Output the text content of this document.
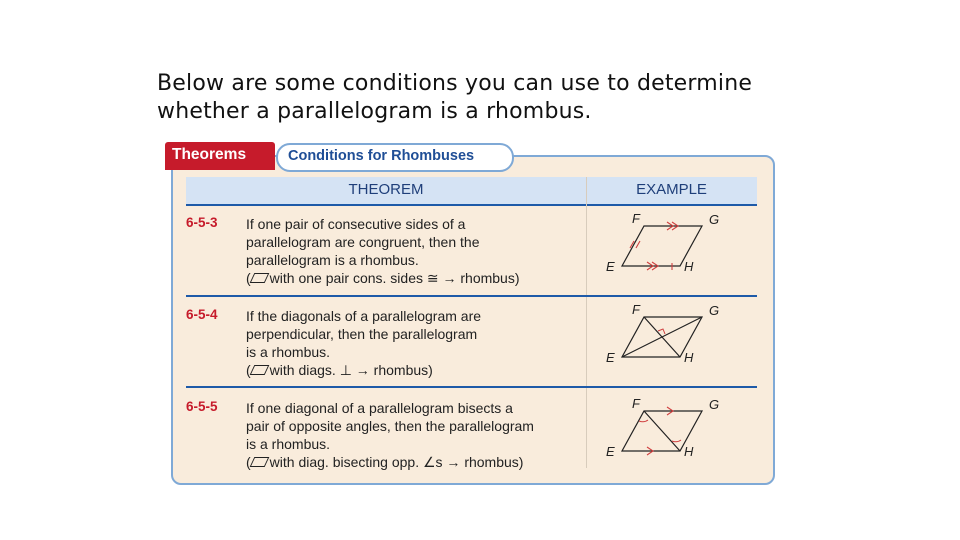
Below are some conditions you can use to determine
whether a parallelogram is a rhombus.
Theorems	Conditions for Rhombuses
THEOREM	EXAMPLE
6-5-3 If one pair of consecutive sides of a
parallelogram are congruent, then the
parallelogram is a rhombus.
( with one pair cons. sides ≅ → rhombus)
F	G
E	H
6-5-4 If the diagonals of a parallelogram are
perpendicular, then the parallelogram
is a rhombus.
( with diags. ⊥ → rhombus)
F	G
E	H
6-5-5 If one diagonal of a parallelogram bisects a
pair of opposite angles, then the parallelogram
is a rhombus.
( with diag. bisecting opp. ∠s → rhombus)
F	G
E	H
